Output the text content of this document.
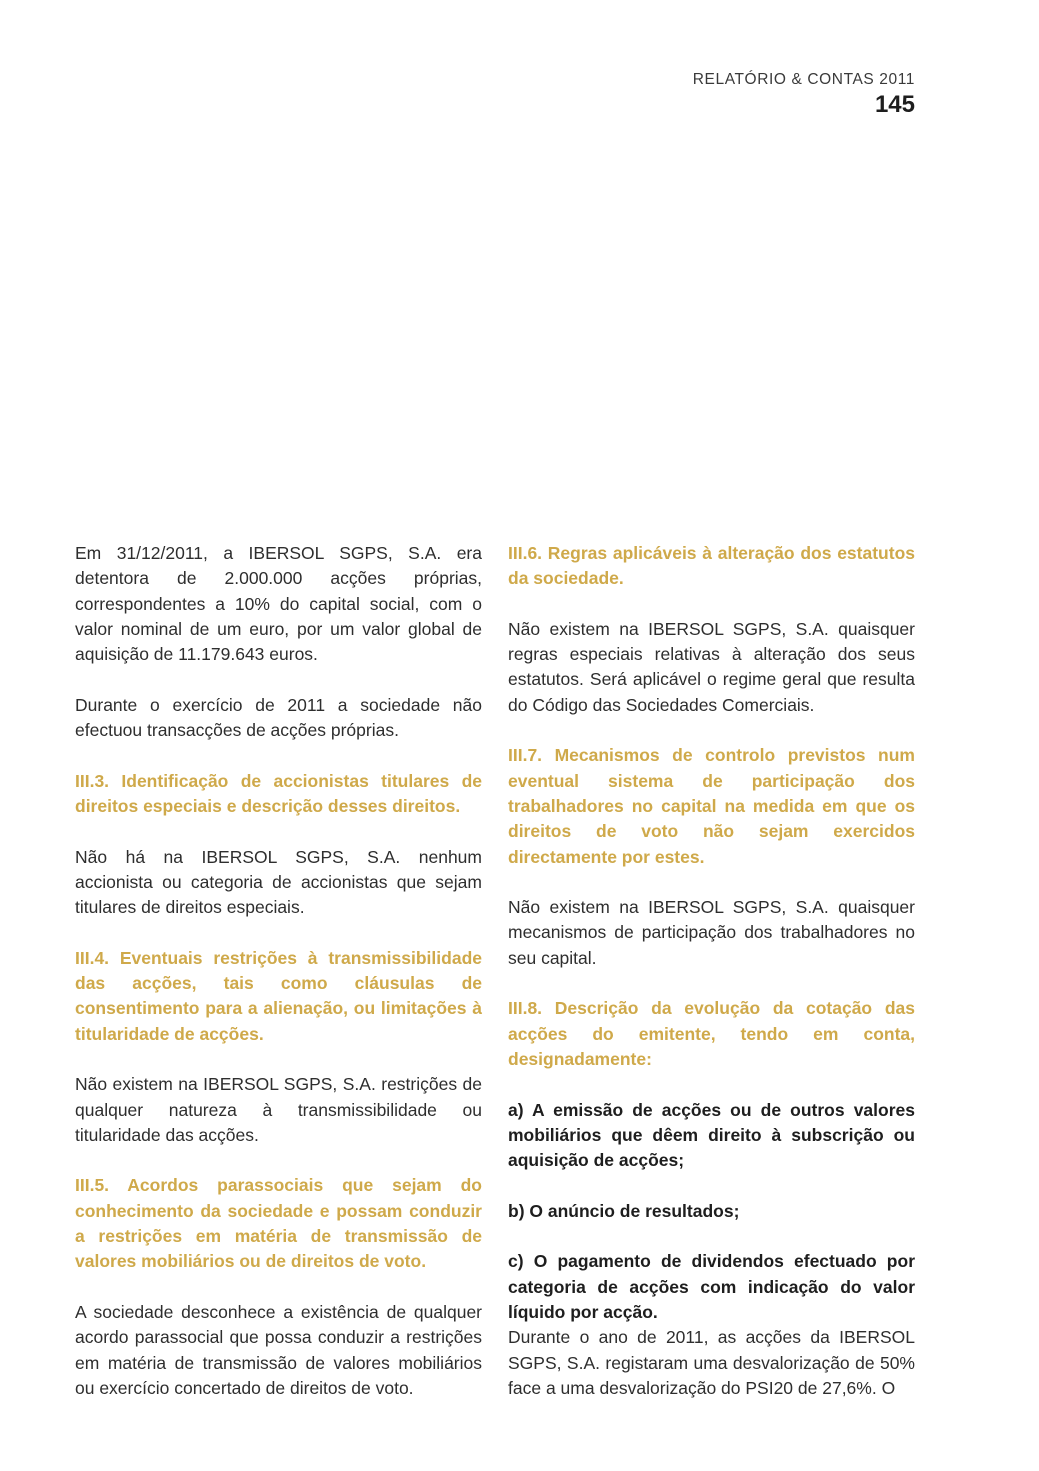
RELATÓRIO & CONTAS 2011
145

Em 31/12/2011, a IBERSOL SGPS, S.A. era detentora de 2.000.000 acções próprias, correspondentes a 10% do capital social, com o valor nominal de um euro, por um valor global de aquisição de 11.179.643 euros.

Durante o exercício de 2011 a sociedade não efectuou transacções de acções próprias.

III.3. Identificação de accionistas titulares de direitos especiais e descrição desses direitos.

Não há na IBERSOL SGPS, S.A. nenhum accionista ou categoria de accionistas que sejam titulares de direitos especiais.

III.4. Eventuais restrições à transmissibilidade das acções, tais como cláusulas de consentimento para a alienação, ou limitações à titularidade de acções.

Não existem na IBERSOL SGPS, S.A. restrições de qualquer natureza à transmissibilidade ou titularidade das acções.

III.5. Acordos parassociais que sejam do conhecimento da sociedade e possam conduzir a restrições em matéria de transmissão de valores mobiliários ou de direitos de voto.

A sociedade desconhece a existência de qualquer acordo parassocial que possa conduzir a restrições em matéria de transmissão de valores mobiliários ou exercício concertado de direitos de voto.

III.6. Regras aplicáveis à alteração dos estatutos da sociedade.

Não existem na IBERSOL SGPS, S.A. quaisquer regras especiais relativas à alteração dos seus estatutos. Será aplicável o regime geral que resulta do Código das Sociedades Comerciais.

III.7. Mecanismos de controlo previstos num eventual sistema de participação dos trabalhadores no capital na medida em que os direitos de voto não sejam exercidos directamente por estes.

Não existem na IBERSOL SGPS, S.A. quaisquer mecanismos de participação dos trabalhadores no seu capital.

III.8. Descrição da evolução da cotação das acções do emitente, tendo em conta, designadamente:

a) A emissão de acções ou de outros valores mobiliários que dêem direito à subscrição ou aquisição de acções;

b) O anúncio de resultados;

c) O pagamento de dividendos efectuado por categoria de acções com indicação do valor líquido por acção.

Durante o ano de 2011, as acções da IBERSOL SGPS, S.A. registaram uma desvalorização de 50% face a uma desvalorização do PSI20 de 27,6%. O
